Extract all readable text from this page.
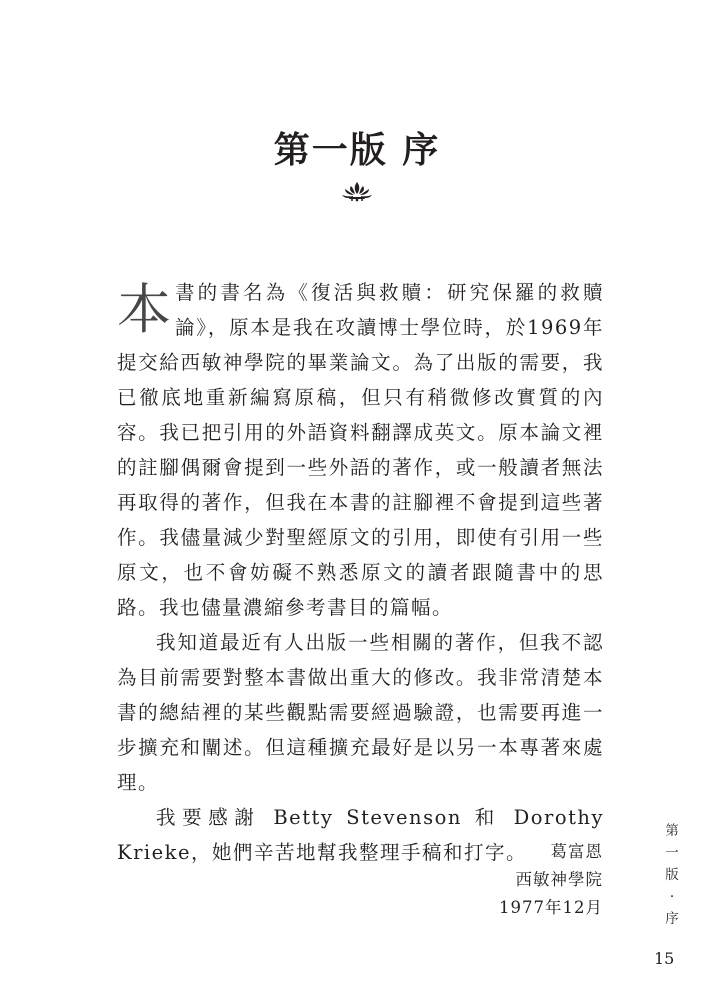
第一版 序

本書的書名為《復活與救贖：研究保羅的救贖論》，原本是我在攻讀博士學位時，於1969年提交給西敏神學院的畢業論文。為了出版的需要，我已徹底地重新編寫原稿，但只有稍微修改實質的內容。我已把引用的外語資料翻譯成英文。原本論文裡的註腳偶爾會提到一些外語的著作，或一般讀者無法再取得的著作，但我在本書的註腳裡不會提到這些著作。我儘量減少對聖經原文的引用，即使有引用一些原文，也不會妨礙不熟悉原文的讀者跟隨書中的思路。我也儘量濃縮參考書目的篇幅。

我知道最近有人出版一些相關的著作，但我不認為目前需要對整本書做出重大的修改。我非常清楚本書的總結裡的某些觀點需要經過驗證，也需要再進一步擴充和闡述。但這種擴充最好是以另一本專著來處理。

我要感謝 Betty Stevenson 和 Dorothy Krieke，她們辛苦地幫我整理手稿和打字。	葛富恩
西敏神學院
1977年12月
第
一
版
·
序
15
